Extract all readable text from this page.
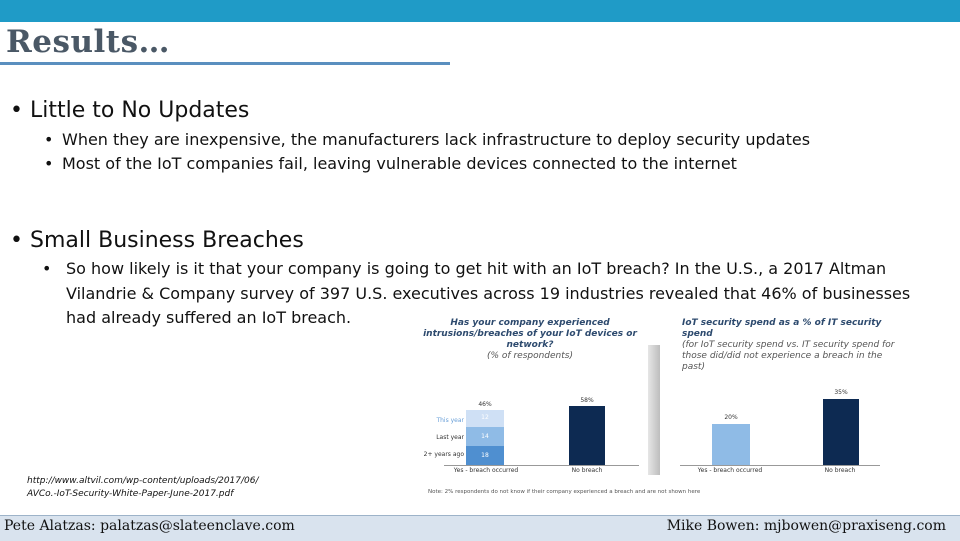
Results…
• Little to No Updates
• When they are inexpensive, the manufacturers lack infrastructure to deploy security updates
• Most of the IoT companies fail, leaving vulnerable devices connected to the internet
• Small Business Breaches
• So how likely is it that your company is going to get hit with an IoT breach? In the U.S., a 2017 Altman Vilandrie & Company survey of 397 U.S. executives across 19 industries revealed that 46% of businesses had already suffered an IoT breach.	Has your company experienced intrusions/breaches of your IoT devices or network?
(% of respondents)
12
14
18
This year
Last year
2+ years ago
46%
58%
Yes - breach occurred	No breach
Note: 2% respondents do not know if their company experienced a breach and are not shown here
IoT security spend as a % of IT security spend
(for IoT security spend vs. IT security spend for those did/did not experience a breach in the past)
20%
35%
Yes - breach occurred	No breach
http://www.altvil.com/wp-content/uploads/2017/06/
AVCo.-IoT-Security-White-Paper-June-2017.pdf
Pete Alatzas: palatzas@slateenclave.com	Mike Bowen: mjbowen@praxiseng.com
